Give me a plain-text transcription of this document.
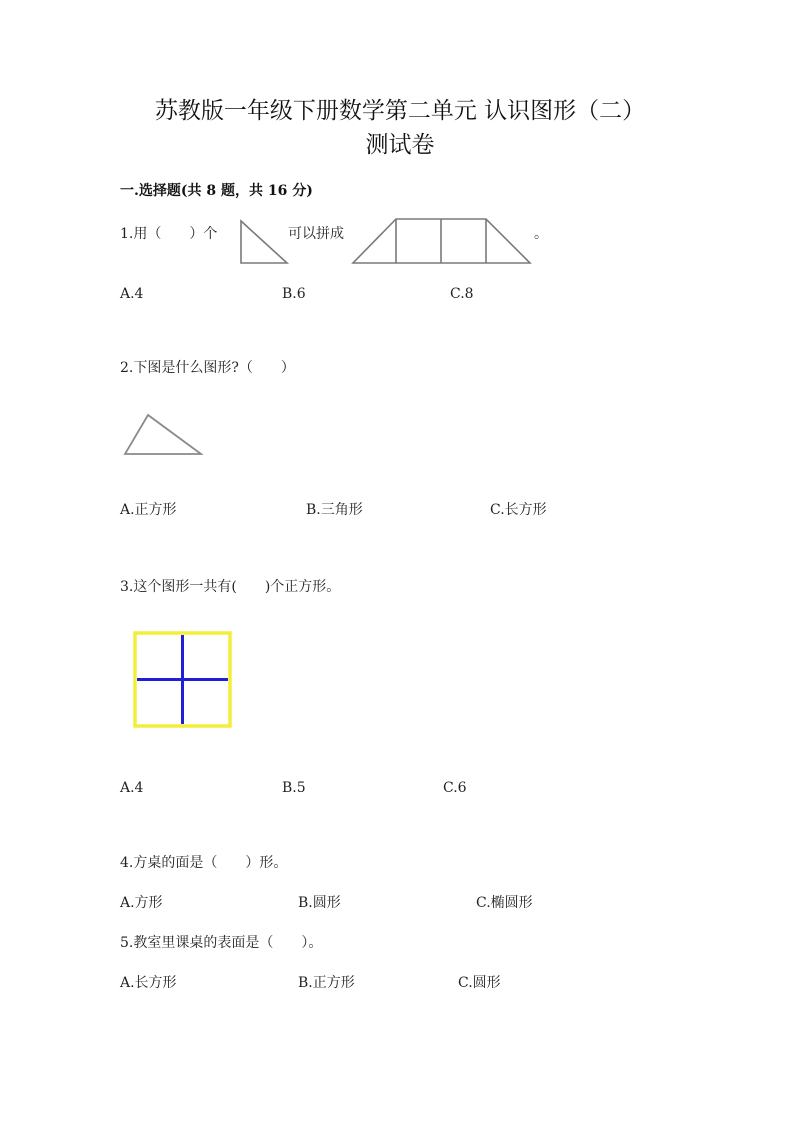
苏教版一年级下册数学第二单元 认识图形（二）
测试卷
一.选择题(共 8 题，共 16 分)
1.用（　　）个	可以拼成	。
A.4	B.6	C.8
2.下图是什么图形?（　　）
A.正方形	B.三角形	C.长方形
3.这个图形一共有(　　)个正方形。
A.4	B.5	C.6
4.方桌的面是（　　）形。
A.方形	B.圆形	C.椭圆形
5.教室里课桌的表面是（　　）。
A.长方形	B.正方形	C.圆形
